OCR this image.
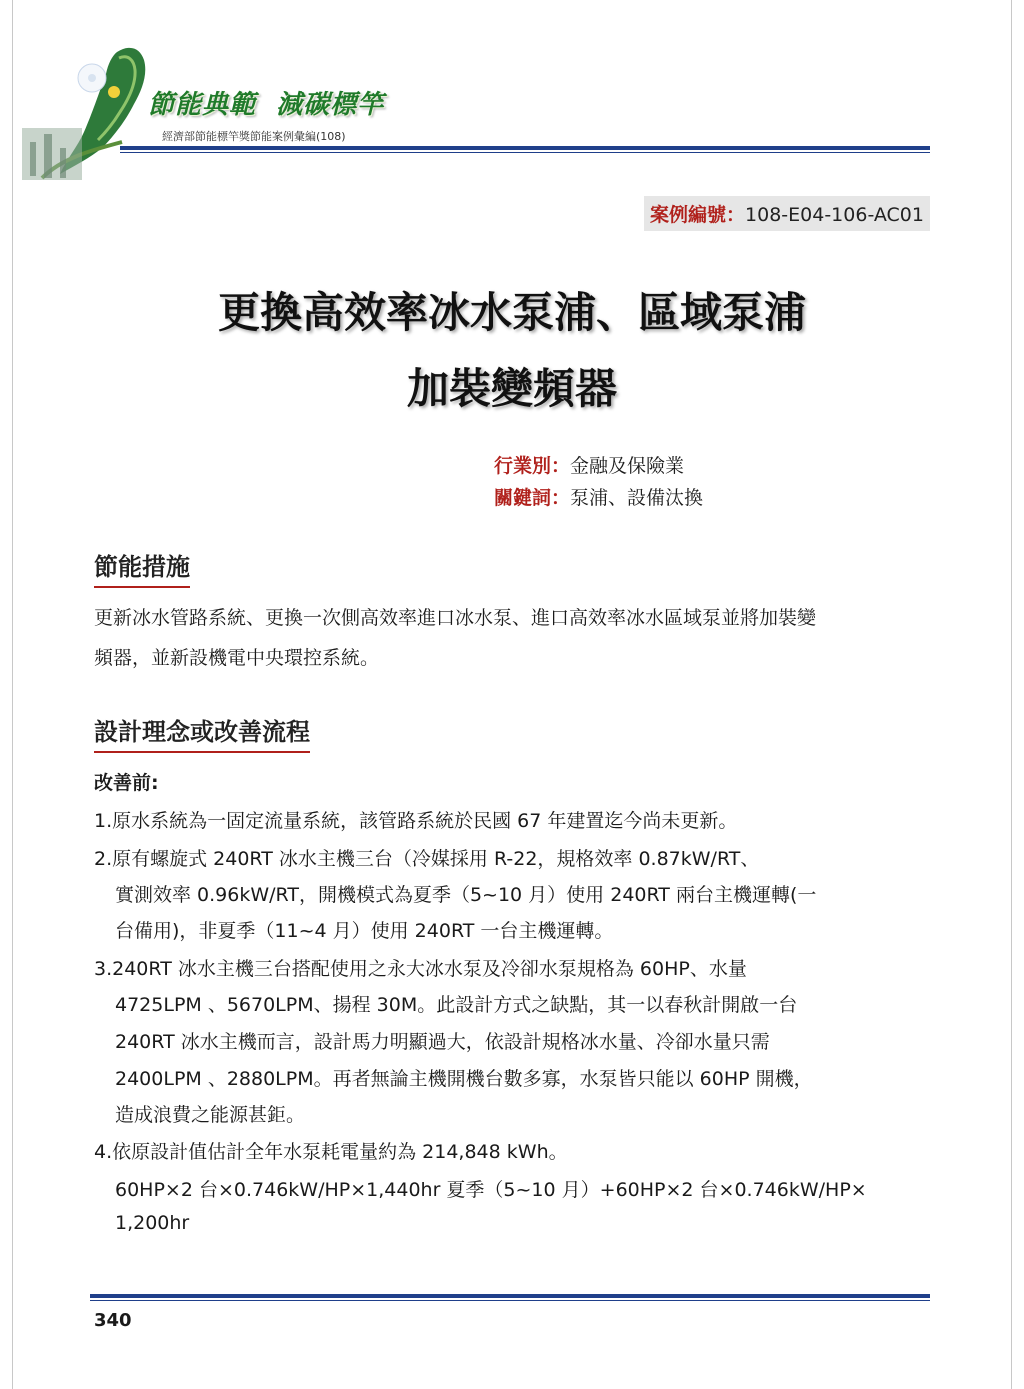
節能典範  減碳標竿
經濟部節能標竿獎節能案例彙編(108)
案例編號：108-E04-106-AC01
更換高效率冰水泵浦、區域泵浦
加裝變頻器
行業別：金融及保險業
關鍵詞：泵浦、設備汰換
節能措施
更新冰水管路系統、更換一次側高效率進口冰水泵、進口高效率冰水區域泵並將加裝變
頻器，並新設機電中央環控系統。
設計理念或改善流程
改善前:
1.原水系統為一固定流量系統，該管路系統於民國 67 年建置迄今尚未更新。
2.原有螺旋式 240RT 冰水主機三台（冷媒採用 R-22，規格效率 0.87kW/RT、
實測效率 0.96kW/RT，開機模式為夏季（5~10 月）使用 240RT 兩台主機運轉(一
台備用)，非夏季（11~4 月）使用 240RT 一台主機運轉。
3.240RT 冰水主機三台搭配使用之永大冰水泵及冷卻水泵規格為 60HP、水量
4725LPM 、5670LPM、揚程 30M。此設計方式之缺點，其一以春秋計開啟一台
240RT 冰水主機而言，設計馬力明顯過大，依設計規格冰水量、冷卻水量只需
2400LPM 、2880LPM。再者無論主機開機台數多寡，水泵皆只能以 60HP 開機，
造成浪費之能源甚鉅。
4.依原設計值估計全年水泵耗電量約為 214,848 kWh。
60HP×2 台×0.746kW/HP×1,440hr 夏季（5~10 月）+60HP×2 台×0.746kW/HP×
1,200hr
340
